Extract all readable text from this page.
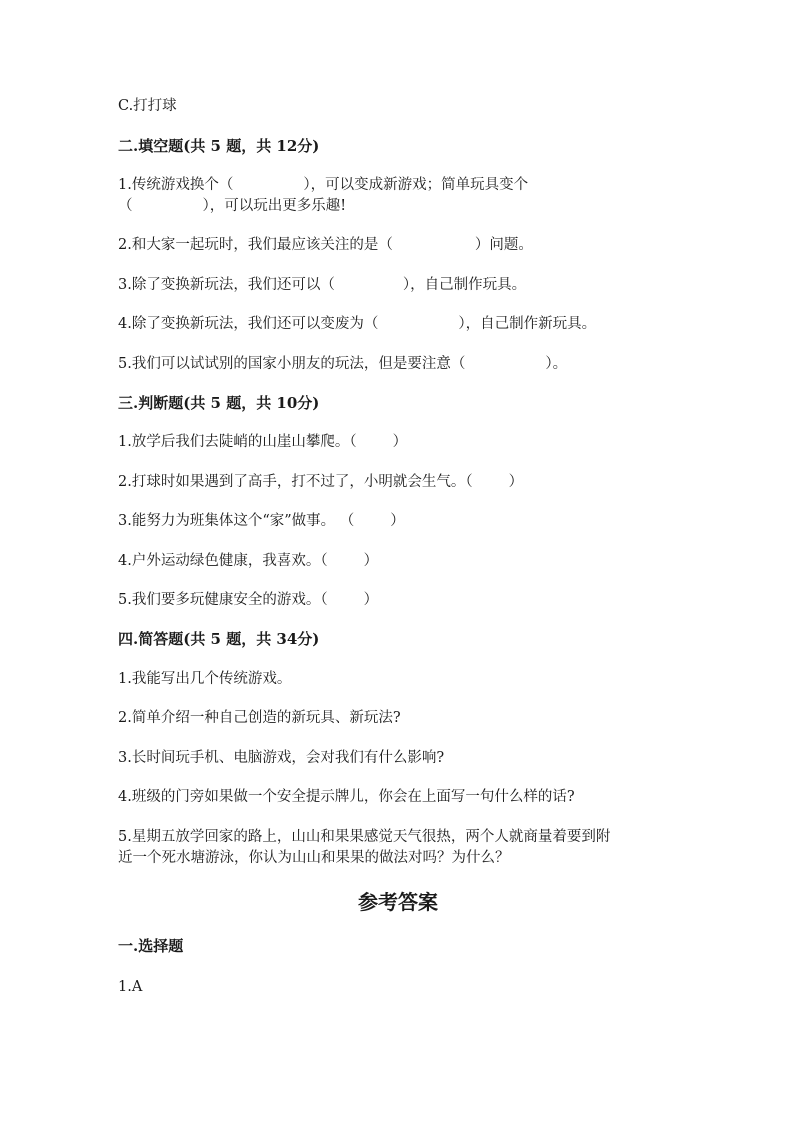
C.打打球
二.填空题(共 5 题，共 12分)
1.传统游戏换个（	），可以变成新游戏；简单玩具变个
（	），可以玩出更多乐趣!
2.和大家一起玩时，我们最应该关注的是（	）问题。
3.除了变换新玩法，我们还可以（	），自己制作玩具。
4.除了变换新玩法，我们还可以变废为（	），自己制作新玩具。
5.我们可以试试别的国家小朋友的玩法，但是要注意（	）。
三.判断题(共 5 题，共 10分)
1.放学后我们去陡峭的山崖山攀爬。（ ）
2.打球时如果遇到了高手，打不过了，小明就会生气。（ ）
3.能努力为班集体这个“家”做事。 （ ）
4.户外运动绿色健康，我喜欢。（ ）
5.我们要多玩健康安全的游戏。（ ）
四.简答题(共 5 题，共 34分)
1.我能写出几个传统游戏。
2.简单介绍一种自己创造的新玩具、新玩法?
3.长时间玩手机、电脑游戏，会对我们有什么影响?
4.班级的门旁如果做一个安全提示牌儿，你会在上面写一句什么样的话?
5.星期五放学回家的路上，山山和果果感觉天气很热，两个人就商量着要到附
近一个死水塘游泳，你认为山山和果果的做法对吗？为什么？
参考答案
一.选择题
1.A
